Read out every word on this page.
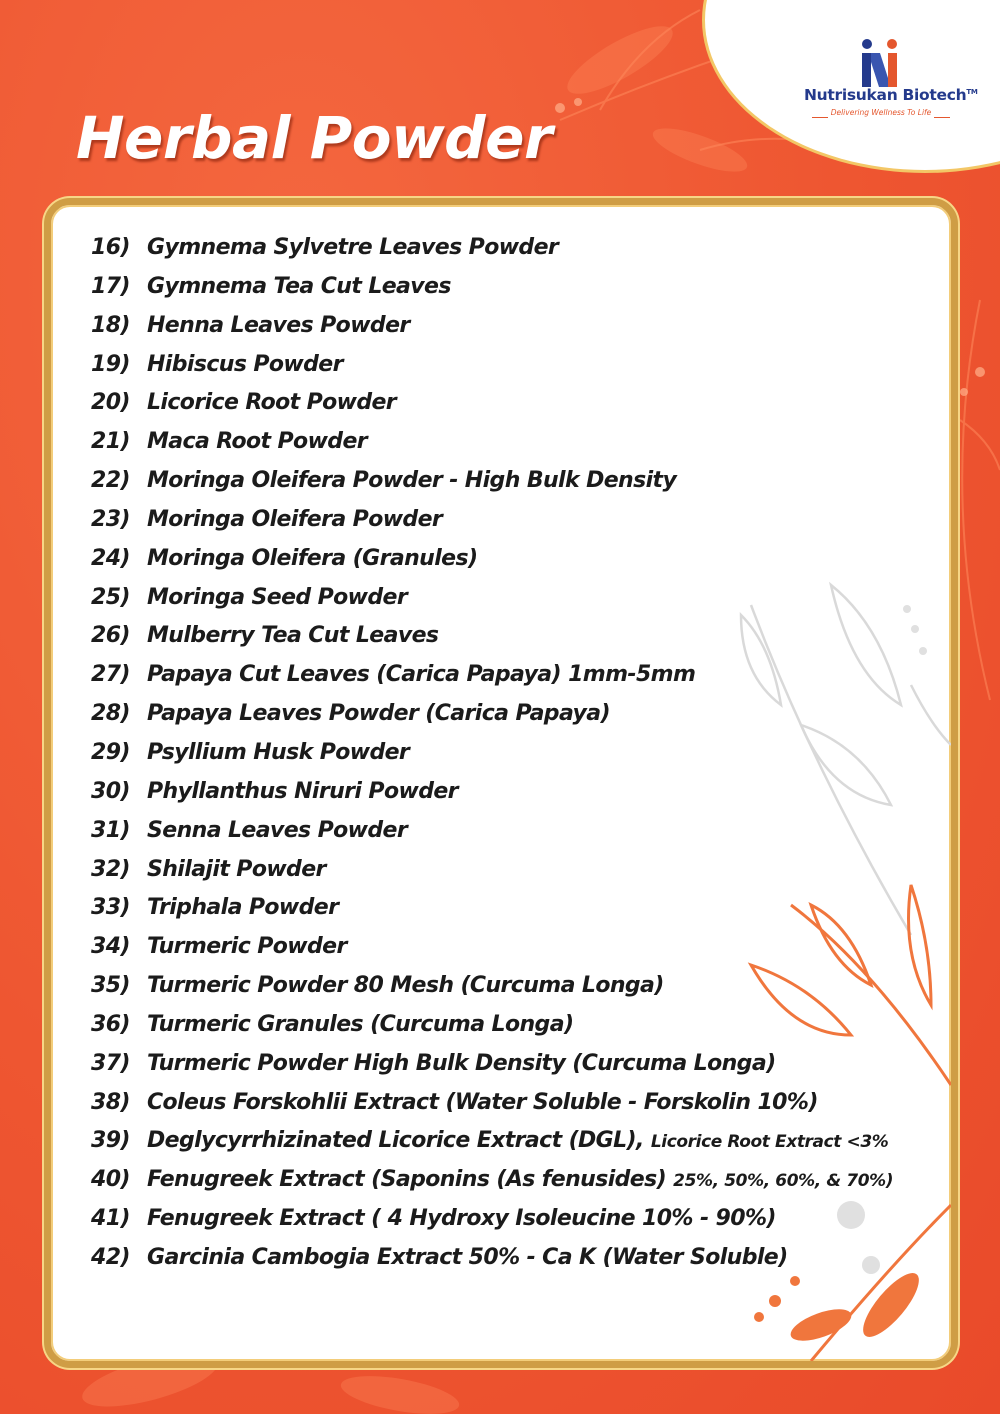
Nutrisukan Biotech™
Delivering Wellness To Life
Herbal Powder
16) Gymnema Sylvetre Leaves Powder
17) Gymnema Tea Cut Leaves
18) Henna Leaves Powder
19) Hibiscus Powder
20) Licorice Root Powder
21) Maca Root Powder
22) Moringa Oleifera Powder - High Bulk Density
23) Moringa Oleifera Powder
24) Moringa Oleifera (Granules)
25) Moringa Seed Powder
26) Mulberry Tea Cut Leaves
27) Papaya Cut Leaves (Carica Papaya) 1mm-5mm
28) Papaya Leaves Powder (Carica Papaya)
29) Psyllium Husk Powder
30) Phyllanthus Niruri Powder
31) Senna Leaves Powder
32) Shilajit Powder
33) Triphala Powder
34) Turmeric Powder
35) Turmeric Powder 80 Mesh (Curcuma Longa)
36) Turmeric Granules (Curcuma Longa)
37) Turmeric Powder High Bulk Density (Curcuma Longa)
38) Coleus Forskohlii Extract (Water Soluble - Forskolin 10%)
39) Deglycyrrhizinated Licorice Extract (DGL), Licorice Root Extract <3%
40) Fenugreek Extract (Saponins (As fenusides) 25%, 50%, 60%, & 70%)
41) Fenugreek Extract ( 4 Hydroxy Isoleucine 10% - 90%)
42) Garcinia Cambogia Extract 50% - Ca K (Water Soluble)
